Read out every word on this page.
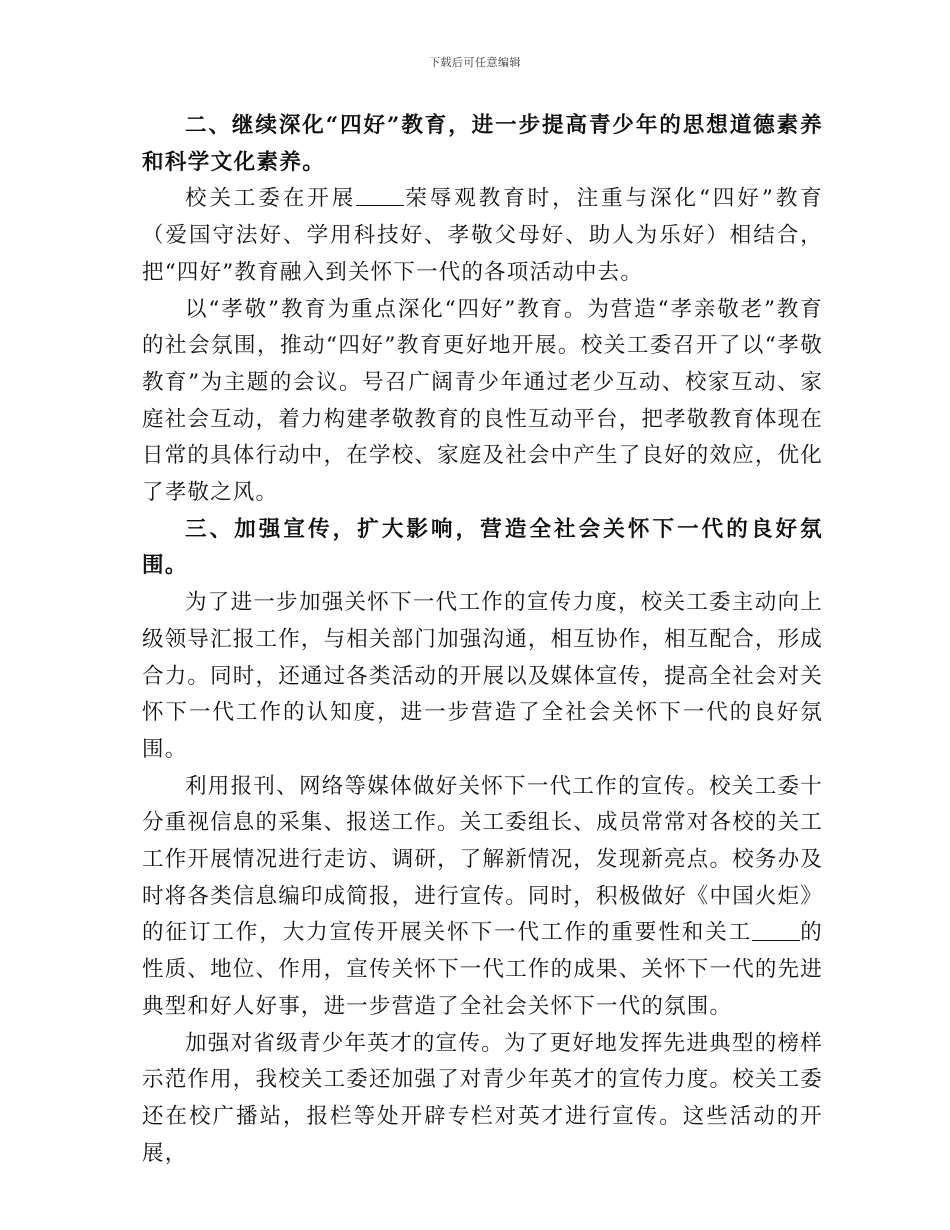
下载后可任意编辑

二、继续深化“四好”教育，进一步提高青少年的思想道德素养和科学文化素养。

校关工委在开展 荣辱观教育时，注重与深化“四好”教育（爱国守法好、学用科技好、孝敬父母好、助人为乐好）相结合，把“四好”教育融入到关怀下一代的各项活动中去。

以“孝敬”教育为重点深化“四好”教育。为营造“孝亲敬老”教育的社会氛围，推动“四好”教育更好地开展。校关工委召开了以“孝敬教育”为主题的会议。号召广阔青少年通过老少互动、校家互动、家庭社会互动，着力构建孝敬教育的良性互动平台，把孝敬教育体现在日常的具体行动中，在学校、家庭及社会中产生了良好的效应，优化了孝敬之风。

三、加强宣传，扩大影响，营造全社会关怀下一代的良好氛围。

为了进一步加强关怀下一代工作的宣传力度，校关工委主动向上级领导汇报工作，与相关部门加强沟通，相互协作，相互配合，形成合力。同时，还通过各类活动的开展以及媒体宣传，提高全社会对关怀下一代工作的认知度，进一步营造了全社会关怀下一代的良好氛围。

利用报刊、网络等媒体做好关怀下一代工作的宣传。校关工委十分重视信息的采集、报送工作。关工委组长、成员常常对各校的关工工作开展情况进行走访、调研，了解新情况，发现新亮点。校务办及时将各类信息编印成简报，进行宣传。同时，积极做好《中国火炬》的征订工作，大力宣传开展关怀下一代工作的重要性和关工 的性质、地位、作用，宣传关怀下一代工作的成果、关怀下一代的先进典型和好人好事，进一步营造了全社会关怀下一代的氛围。

加强对省级青少年英才的宣传。为了更好地发挥先进典型的榜样示范作用，我校关工委还加强了对青少年英才的宣传力度。校关工委还在校广播站，报栏等处开辟专栏对英才进行宣传。这些活动的开展，
